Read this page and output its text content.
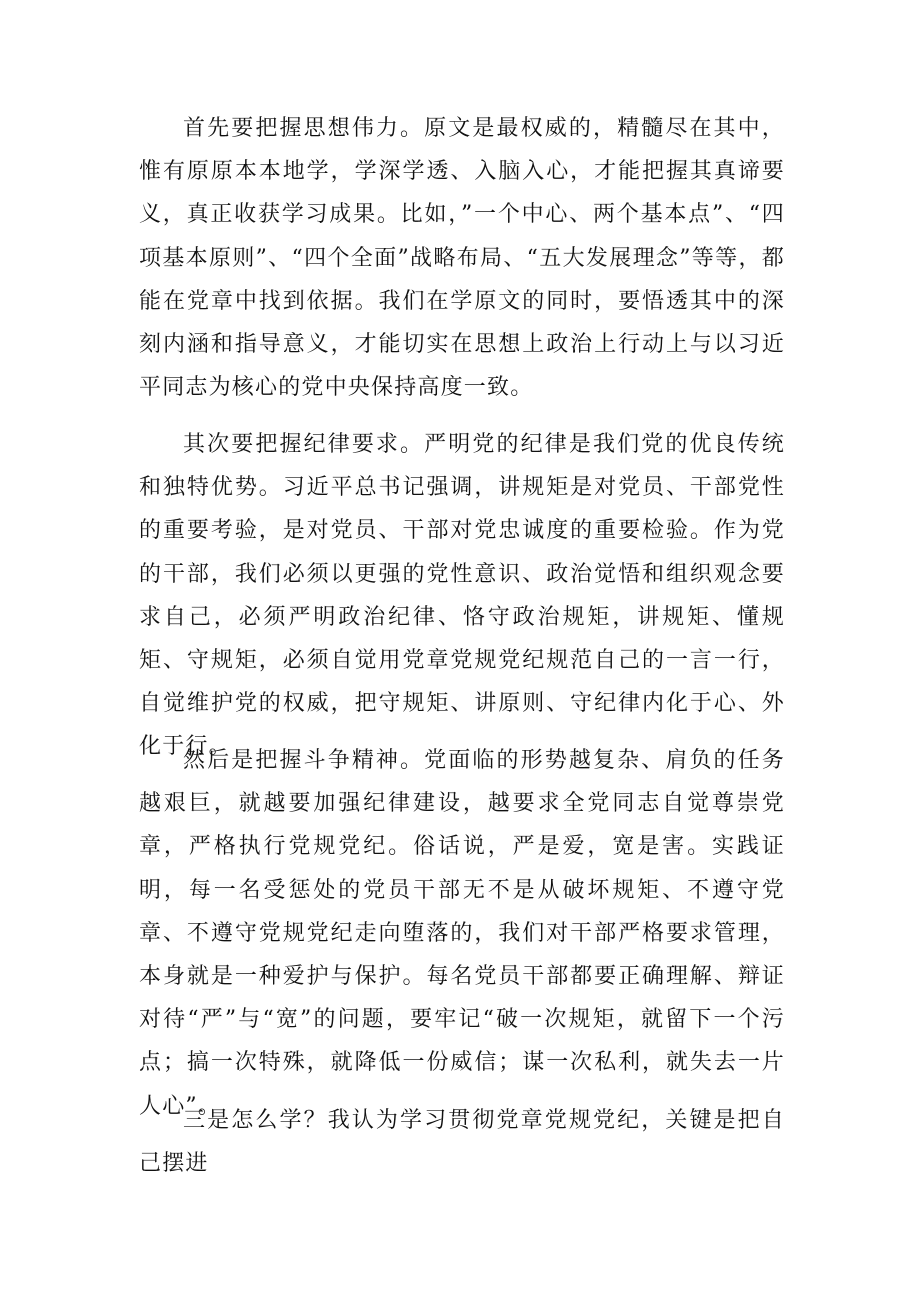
首先要把握思想伟力。原文是最权威的，精髓尽在其中，惟有原原本本地学，学深学透、入脑入心，才能把握其真谛要义，真正收获学习成果。比如，”一个中心、两个基本点”、“四项基本原则”、“四个全面”战略布局、“五大发展理念”等等，都能在党章中找到依据。我们在学原文的同时，要悟透其中的深刻内涵和指导意义，才能切实在思想上政治上行动上与以习近平同志为核心的党中央保持高度一致。

其次要把握纪律要求。严明党的纪律是我们党的优良传统和独特优势。习近平总书记强调，讲规矩是对党员、干部党性的重要考验，是对党员、干部对党忠诚度的重要检验。作为党的干部，我们必须以更强的党性意识、政治觉悟和组织观念要求自己，必须严明政治纪律、恪守政治规矩，讲规矩、懂规矩、守规矩，必须自觉用党章党规党纪规范自己的一言一行，自觉维护党的权威，把守规矩、讲原则、守纪律内化于心、外化于行。

然后是把握斗争精神。党面临的形势越复杂、肩负的任务越艰巨，就越要加强纪律建设，越要求全党同志自觉尊崇党章，严格执行党规党纪。俗话说，严是爱，宽是害。实践证明，每一名受惩处的党员干部无不是从破坏规矩、不遵守党章、不遵守党规党纪走向堕落的，我们对干部严格要求管理，本身就是一种爱护与保护。每名党员干部都要正确理解、辩证对待“严”与“宽”的问题，要牢记“破一次规矩，就留下一个污点；搞一次特殊，就降低一份威信；谋一次私利，就失去一片人心”。

三是怎么学？我认为学习贯彻党章党规党纪，关键是把自己摆进
